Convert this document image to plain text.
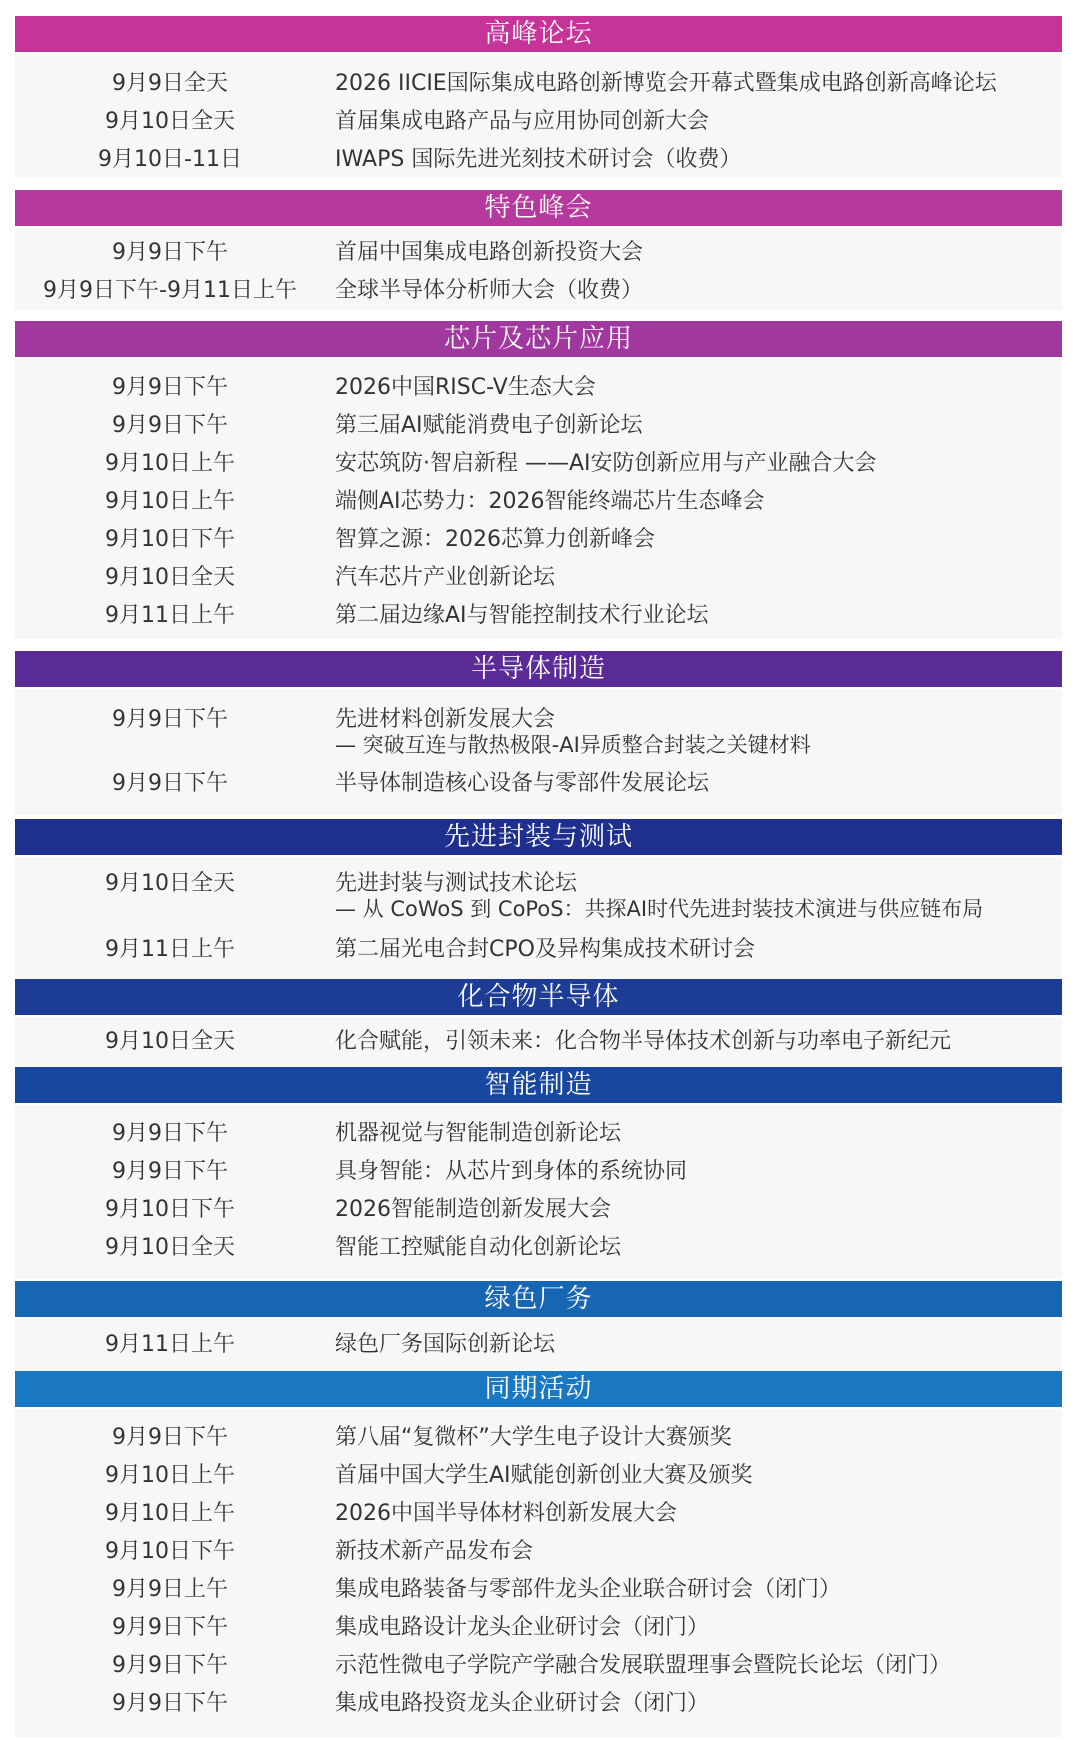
高峰论坛
9月9日全天	2026 IICIE国际集成电路创新博览会开幕式暨集成电路创新高峰论坛
9月10日全天	首届集成电路产品与应用协同创新大会
9月10日-11日	IWAPS 国际先进光刻技术研讨会（收费）
特色峰会
9月9日下午	首届中国集成电路创新投资大会
9月9日下午-9月11日上午	全球半导体分析师大会（收费）
芯片及芯片应用
9月9日下午	2026中国RISC-V生态大会
9月9日下午	第三届AI赋能消费电子创新论坛
9月10日上午	安芯筑防·智启新程 ——AI安防创新应用与产业融合大会
9月10日上午	端侧AI芯势力：2026智能终端芯片生态峰会
9月10日下午	智算之源：2026芯算力创新峰会
9月10日全天	汽车芯片产业创新论坛
9月11日上午	第二届边缘AI与智能控制技术行业论坛
半导体制造
9月9日下午	先进材料创新发展大会
— 突破互连与散热极限-AI异质整合封装之关键材料
9月9日下午	半导体制造核心设备与零部件发展论坛
先进封装与测试
9月10日全天	先进封装与测试技术论坛
— 从 CoWoS 到 CoPoS：共探AI时代先进封装技术演进与供应链布局
9月11日上午	第二届光电合封CPO及异构集成技术研讨会
化合物半导体
9月10日全天	化合赋能，引领未来：化合物半导体技术创新与功率电子新纪元
智能制造
9月9日下午	机器视觉与智能制造创新论坛
9月9日下午	具身智能：从芯片到身体的系统协同
9月10日下午	2026智能制造创新发展大会
9月10日全天	智能工控赋能自动化创新论坛
绿色厂务
9月11日上午	绿色厂务国际创新论坛
同期活动
9月9日下午	第八届“复微杯”大学生电子设计大赛颁奖
9月10日上午	首届中国大学生AI赋能创新创业大赛及颁奖
9月10日上午	2026中国半导体材料创新发展大会
9月10日下午	新技术新产品发布会
9月9日上午	集成电路装备与零部件龙头企业联合研讨会（闭门）
9月9日下午	集成电路设计龙头企业研讨会（闭门）
9月9日下午	示范性微电子学院产学融合发展联盟理事会暨院长论坛（闭门）
9月9日下午	集成电路投资龙头企业研讨会（闭门）
